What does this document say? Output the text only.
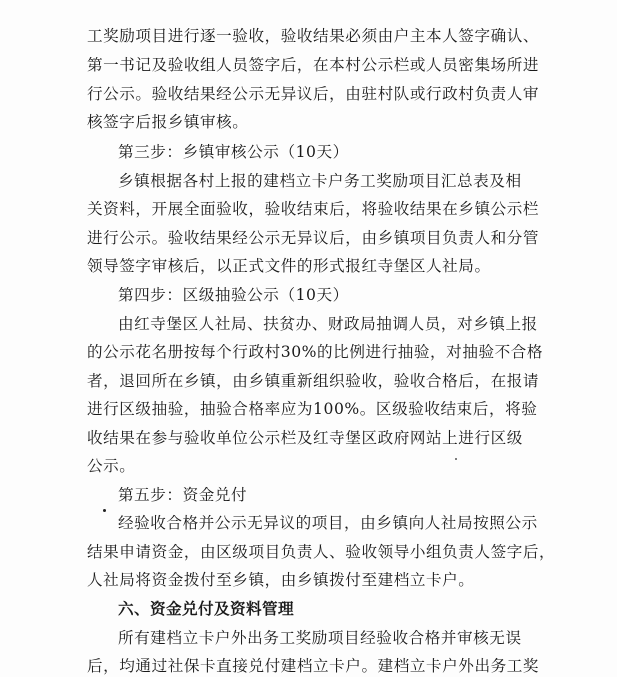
工奖励项目进行逐一验收，验收结果必须由户主本人签字确认、
第一书记及验收组人员签字后，在本村公示栏或人员密集场所进
行公示。验收结果经公示无异议后，由驻村队或行政村负责人审
核签字后报乡镇审核。
第三步：乡镇审核公示（10天）
乡镇根据各村上报的建档立卡户务工奖励项目汇总表及相
关资料，开展全面验收，验收结束后，将验收结果在乡镇公示栏
进行公示。验收结果经公示无异议后，由乡镇项目负责人和分管
领导签字审核后，以正式文件的形式报红寺堡区人社局。
第四步：区级抽验公示（10天）
由红寺堡区人社局、扶贫办、财政局抽调人员，对乡镇上报
的公示花名册按每个行政村30%的比例进行抽验，对抽验不合格
者，退回所在乡镇，由乡镇重新组织验收，验收合格后，在报请
进行区级抽验，抽验合格率应为100%。区级验收结束后，将验
收结果在参与验收单位公示栏及红寺堡区政府网站上进行区级
公示。
第五步：资金兑付
经验收合格并公示无异议的项目，由乡镇向人社局按照公示
结果申请资金，由区级项目负责人、验收领导小组负责人签字后，
人社局将资金拨付至乡镇，由乡镇拨付至建档立卡户。
六、资金兑付及资料管理
所有建档立卡户外出务工奖励项目经验收合格并审核无误
后，均通过社保卡直接兑付建档立卡户。建档立卡户外出务工奖
